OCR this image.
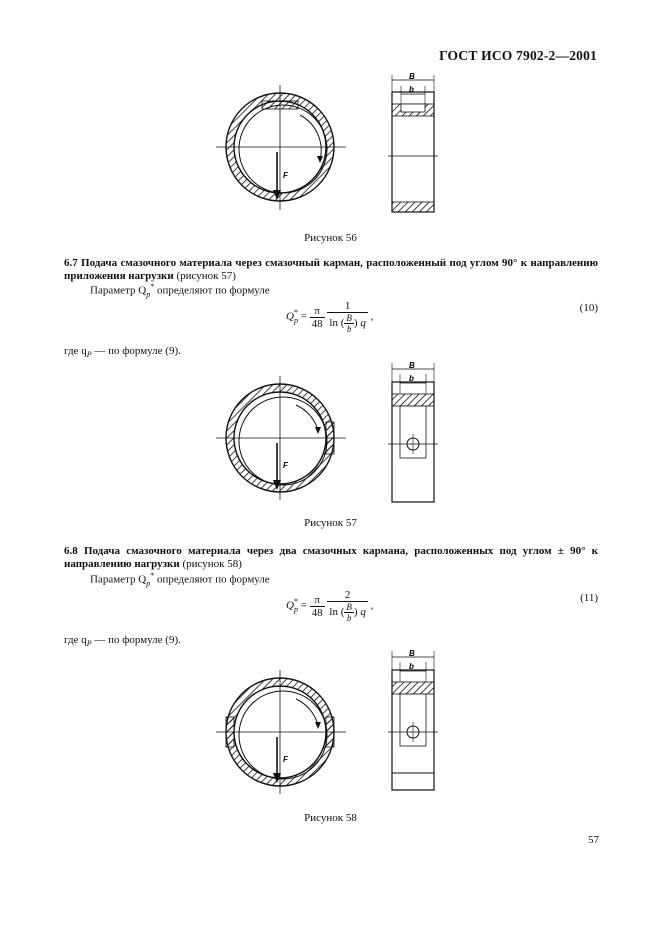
ГОСТ ИСО 7902-2—2001
F
B
b
Рисунок 56
6.7 Подача смазочного материала через смазочный карман, расположенный под углом 90° к направлению приложения нагрузки (рисунок 57)
Параметр $Q_p^*$ определяют по формуле
$Q^*_p = \frac{\pi}{48}$
$\frac{1}{\ln ( \frac{B}{b} ) q}$ ,
(10)
где $q_P$ — по формуле (9).
F
B
b
Рисунок 57
6.8 Подача смазочного материала через два смазочных кармана, расположенных под углом ± 90° к направлению нагрузки (рисунок 58)
Параметр $Q_p^*$ определяют по формуле
$Q^*_p = \frac{\pi}{48}$
$\frac{2}{\ln ( \frac{B}{b} ) q}$ ,
(11)
где $q_P$ — по формуле (9).
F
B
b
Рисунок 58
57
